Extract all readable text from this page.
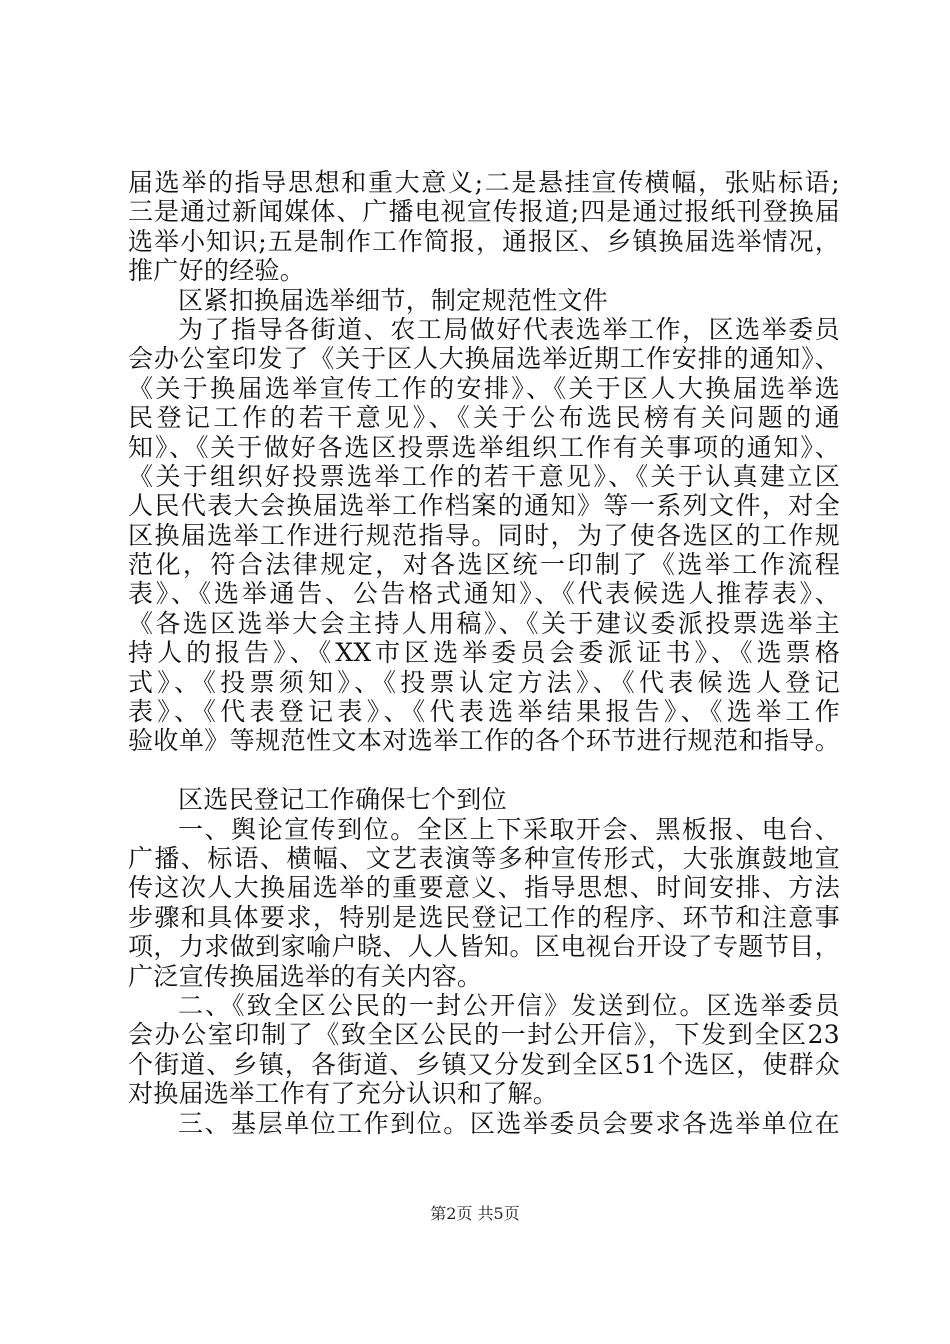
届选举的指导思想和重大意义;二是悬挂宣传横幅，张贴标语;
三是通过新闻媒体、广播电视宣传报道;四是通过报纸刊登换届
选举小知识;五是制作工作简报，通报区、乡镇换届选举情况，
推广好的经验。
区紧扣换届选举细节，制定规范性文件
为了指导各街道、农工局做好代表选举工作，区选举委员
会办公室印发了《关于区人大换届选举近期工作安排的通知》、
《关于换届选举宣传工作的安排》、《关于区人大换届选举选
民登记工作的若干意见》、《关于公布选民榜有关问题的通
知》、《关于做好各选区投票选举组织工作有关事项的通知》、
《关于组织好投票选举工作的若干意见》、《关于认真建立区
人民代表大会换届选举工作档案的通知》等一系列文件，对全
区换届选举工作进行规范指导。同时，为了使各选区的工作规
范化，符合法律规定，对各选区统一印制了《选举工作流程
表》、《选举通告、公告格式通知》、《代表候选人推荐表》、
《各选区选举大会主持人用稿》、《关于建议委派投票选举主
持人的报告》、《XX市区选举委员会委派证书》、《选票格
式》、《投票须知》、《投票认定方法》、《代表候选人登记
表》、《代表登记表》、《代表选举结果报告》、《选举工作
验收单》等规范性文本对选举工作的各个环节进行规范和指导。
区选民登记工作确保七个到位
一、舆论宣传到位。全区上下采取开会、黑板报、电台、
广播、标语、横幅、文艺表演等多种宣传形式，大张旗鼓地宣
传这次人大换届选举的重要意义、指导思想、时间安排、方法
步骤和具体要求，特别是选民登记工作的程序、环节和注意事
项，力求做到家喻户晓、人人皆知。区电视台开设了专题节目，
广泛宣传换届选举的有关内容。
二、《致全区公民的一封公开信》发送到位。区选举委员
会办公室印制了《致全区公民的一封公开信》，下发到全区23
个街道、乡镇，各街道、乡镇又分发到全区51个选区，使群众
对换届选举工作有了充分认识和了解。
三、基层单位工作到位。区选举委员会要求各选举单位在
第2页 共5页
